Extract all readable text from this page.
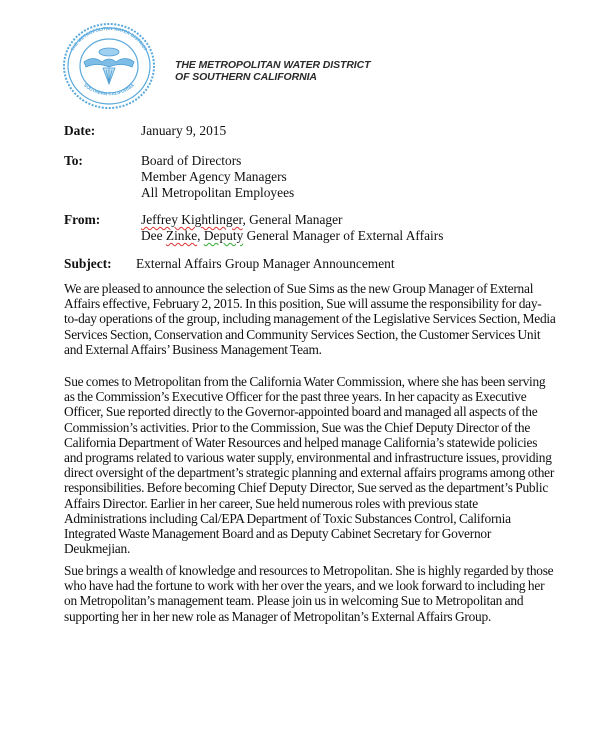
THE METROPOLITAN WATER DISTRICT
SOUTHERN CALIFORNIA
THE METROPOLITAN WATER DISTRICT
OF SOUTHERN CALIFORNIA
Date:	January 9, 2015
To:	Board of Directors
Member Agency Managers
All Metropolitan Employees
From:	Jeffrey Kightlinger, General Manager
Dee Zinke, Deputy General Manager of External Affairs
Subject: External Affairs Group Manager Announcement
We are pleased to announce the selection of Sue Sims as the new Group Manager of External
Affairs effective, February 2, 2015. In this position, Sue will assume the responsibility for day-
to-day operations of the group, including management of the Legislative Services Section, Media
Services Section, Conservation and Community Services Section, the Customer Services Unit
and External Affairs’ Business Management Team.
Sue comes to Metropolitan from the California Water Commission, where she has been serving
as the Commission’s Executive Officer for the past three years. In her capacity as Executive
Officer, Sue reported directly to the Governor-appointed board and managed all aspects of the
Commission’s activities. Prior to the Commission, Sue was the Chief Deputy Director of the
California Department of Water Resources and helped manage California’s statewide policies
and programs related to various water supply, environmental and infrastructure issues, providing
direct oversight of the department’s strategic planning and external affairs programs among other
responsibilities. Before becoming Chief Deputy Director, Sue served as the department’s Public
Affairs Director. Earlier in her career, Sue held numerous roles with previous state
Administrations including Cal/EPA Department of Toxic Substances Control, California
Integrated Waste Management Board and as Deputy Cabinet Secretary for Governor
Deukmejian.
Sue brings a wealth of knowledge and resources to Metropolitan. She is highly regarded by those
who have had the fortune to work with her over the years, and we look forward to including her
on Metropolitan’s management team. Please join us in welcoming Sue to Metropolitan and
supporting her in her new role as Manager of Metropolitan’s External Affairs Group.
